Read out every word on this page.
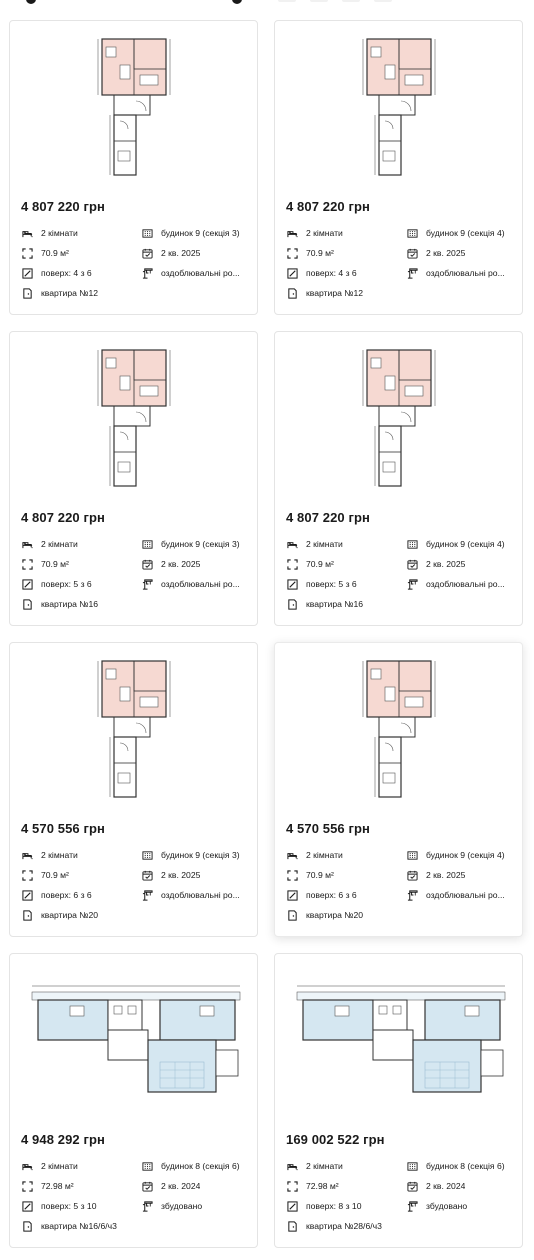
4 807 220 грн
2 кімнати	будинок 9 (секція 3)
70.9 м²	2 кв. 2025
поверх: 4 з 6	оздоблювальні ро...
квартира №12
4 807 220 грн
2 кімнати	будинок 9 (секція 4)
70.9 м²	2 кв. 2025
поверх: 4 з 6	оздоблювальні ро...
квартира №12
4 807 220 грн
2 кімнати	будинок 9 (секція 3)
70.9 м²	2 кв. 2025
поверх: 5 з 6	оздоблювальні ро...
квартира №16
4 807 220 грн
2 кімнати	будинок 9 (секція 4)
70.9 м²	2 кв. 2025
поверх: 5 з 6	оздоблювальні ро...
квартира №16
4 570 556 грн
2 кімнати	будинок 9 (секція 3)
70.9 м²	2 кв. 2025
поверх: 6 з 6	оздоблювальні ро...
квартира №20
4 570 556 грн
2 кімнати	будинок 9 (секція 4)
70.9 м²	2 кв. 2025
поверх: 6 з 6	оздоблювальні ро...
квартира №20
4 948 292 грн
2 кімнати	будинок 8 (секція 6)
72.98 м²	2 кв. 2024
поверх: 5 з 10	збудовано
квартира №16/6/ч3
169 002 522 грн
2 кімнати	будинок 8 (секція 6)
72.98 м²	2 кв. 2024
поверх: 8 з 10	збудовано
квартира №28/6/ч3
